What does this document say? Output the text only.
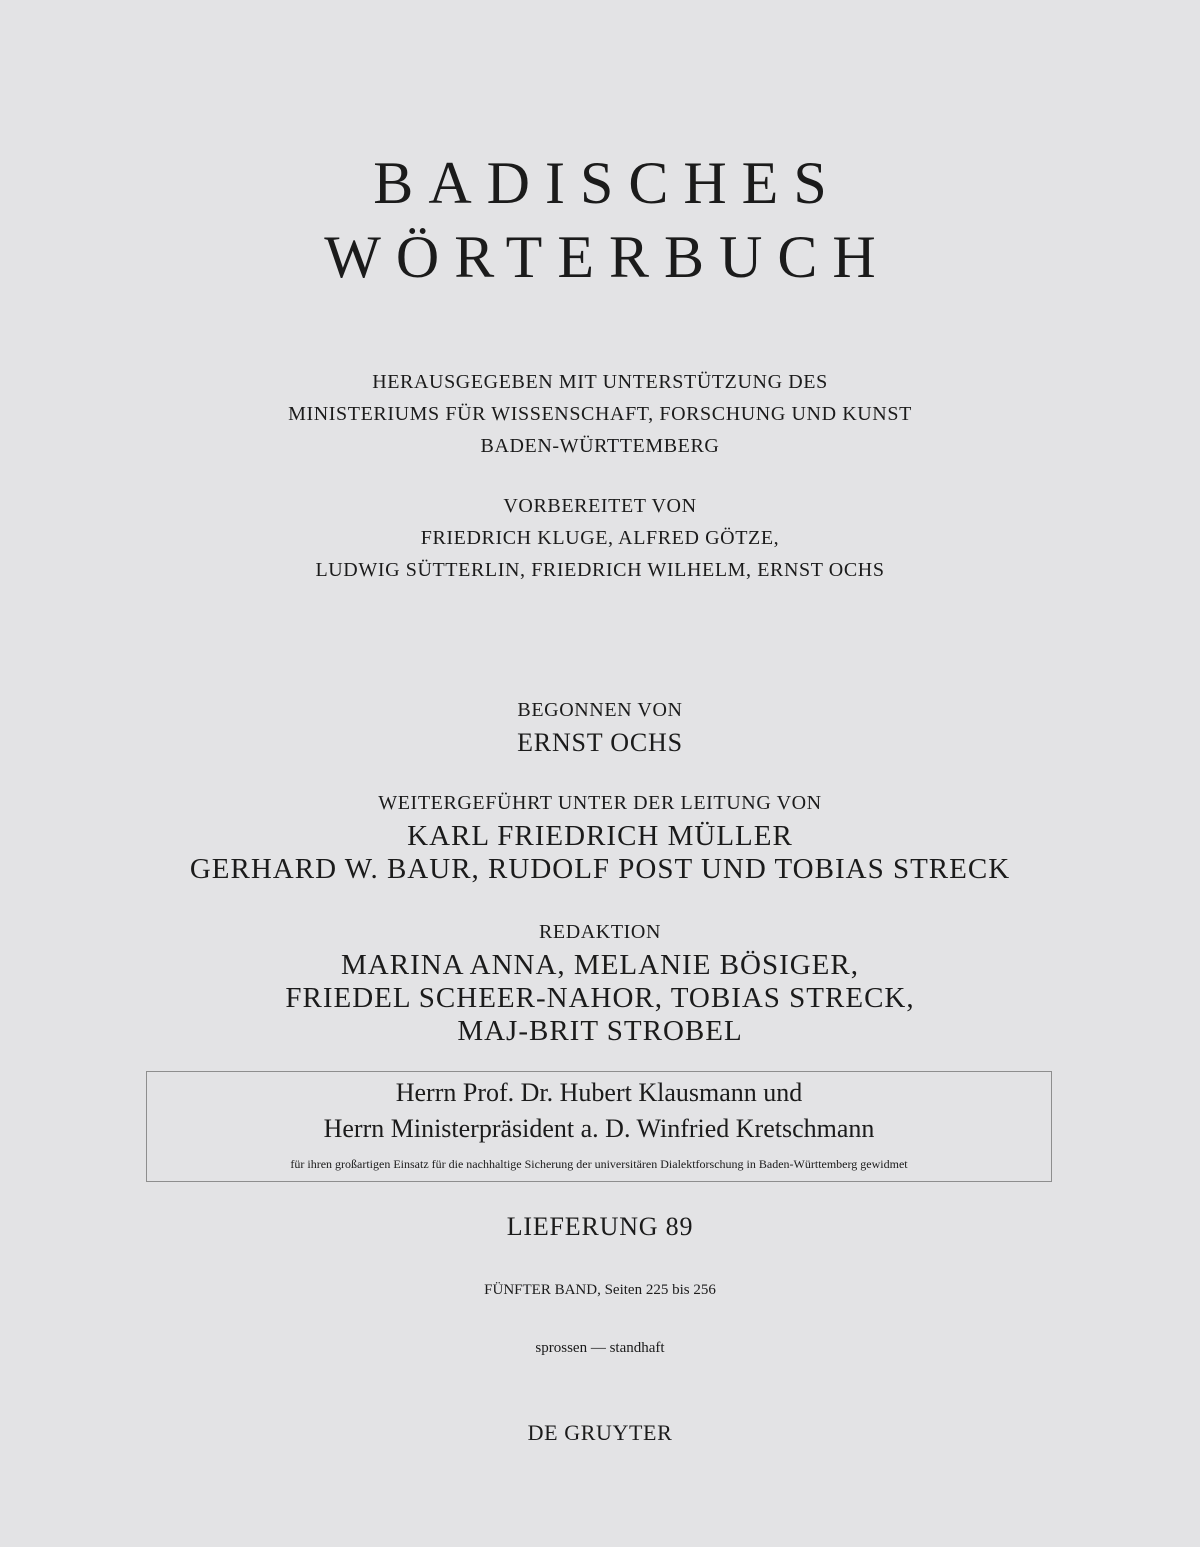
BADISCHES
WÖRTERBUCH
HERAUSGEGEBEN MIT UNTERSTÜTZUNG DES
MINISTERIUMS FÜR WISSENSCHAFT, FORSCHUNG UND KUNST
BADEN-WÜRTTEMBERG
VORBEREITET VON
FRIEDRICH KLUGE, ALFRED GÖTZE,
LUDWIG SÜTTERLIN, FRIEDRICH WILHELM, ERNST OCHS
BEGONNEN VON
ERNST OCHS
WEITERGEFÜHRT UNTER DER LEITUNG VON
KARL FRIEDRICH MÜLLER
GERHARD W. BAUR, RUDOLF POST UND TOBIAS STRECK
REDAKTION
MARINA ANNA, MELANIE BÖSIGER,
FRIEDEL SCHEER-NAHOR, TOBIAS STRECK,
MAJ-BRIT STROBEL
Herrn Prof. Dr. Hubert Klausmann und
Herrn Ministerpräsident a. D. Winfried Kretschmann
für ihren großartigen Einsatz für die nachhaltige Sicherung der universitären Dialektforschung in Baden-Württemberg gewidmet
LIEFERUNG 89
FÜNFTER BAND, Seiten 225 bis 256
sprossen — standhaft
DE GRUYTER
